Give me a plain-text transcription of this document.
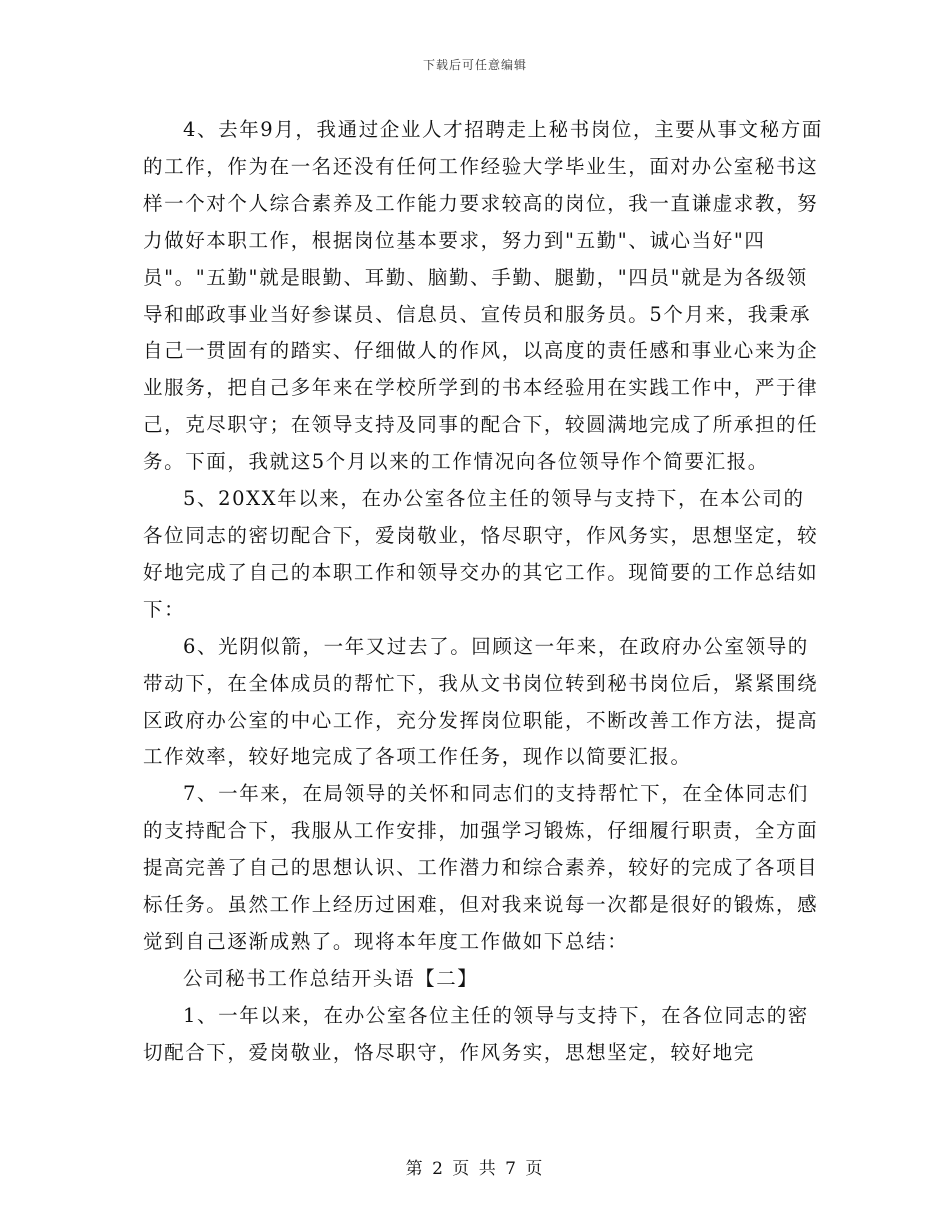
下载后可任意编辑

4、去年9月，我通过企业人才招聘走上秘书岗位，主要从事文秘方面的工作，作为在一名还没有任何工作经验大学毕业生，面对办公室秘书这样一个对个人综合素养及工作能力要求较高的岗位，我一直谦虚求教，努力做好本职工作，根据岗位基本要求，努力到"五勤"、诚心当好"四员"。"五勤"就是眼勤、耳勤、脑勤、手勤、腿勤，"四员"就是为各级领导和邮政事业当好参谋员、信息员、宣传员和服务员。5个月来，我秉承自己一贯固有的踏实、仔细做人的作风，以高度的责任感和事业心来为企业服务，把自己多年来在学校所学到的书本经验用在实践工作中，严于律己，克尽职守；在领导支持及同事的配合下，较圆满地完成了所承担的任务。下面，我就这5个月以来的工作情况向各位领导作个简要汇报。

5、20XX年以来，在办公室各位主任的领导与支持下，在本公司的各位同志的密切配合下，爱岗敬业，恪尽职守，作风务实，思想坚定，较好地完成了自己的本职工作和领导交办的其它工作。现简要的工作总结如下：

6、光阴似箭，一年又过去了。回顾这一年来，在政府办公室领导的带动下，在全体成员的帮忙下，我从文书岗位转到秘书岗位后，紧紧围绕区政府办公室的中心工作，充分发挥岗位职能，不断改善工作方法，提高工作效率，较好地完成了各项工作任务，现作以简要汇报。

7、一年来，在局领导的关怀和同志们的支持帮忙下，在全体同志们的支持配合下，我服从工作安排，加强学习锻炼，仔细履行职责，全方面提高完善了自己的思想认识、工作潜力和综合素养，较好的完成了各项目标任务。虽然工作上经历过困难，但对我来说每一次都是很好的锻炼，感觉到自己逐渐成熟了。现将本年度工作做如下总结：

公司秘书工作总结开头语【二】

1、一年以来，在办公室各位主任的领导与支持下，在各位同志的密切配合下，爱岗敬业，恪尽职守，作风务实，思想坚定，较好地完

第 2 页 共 7 页
